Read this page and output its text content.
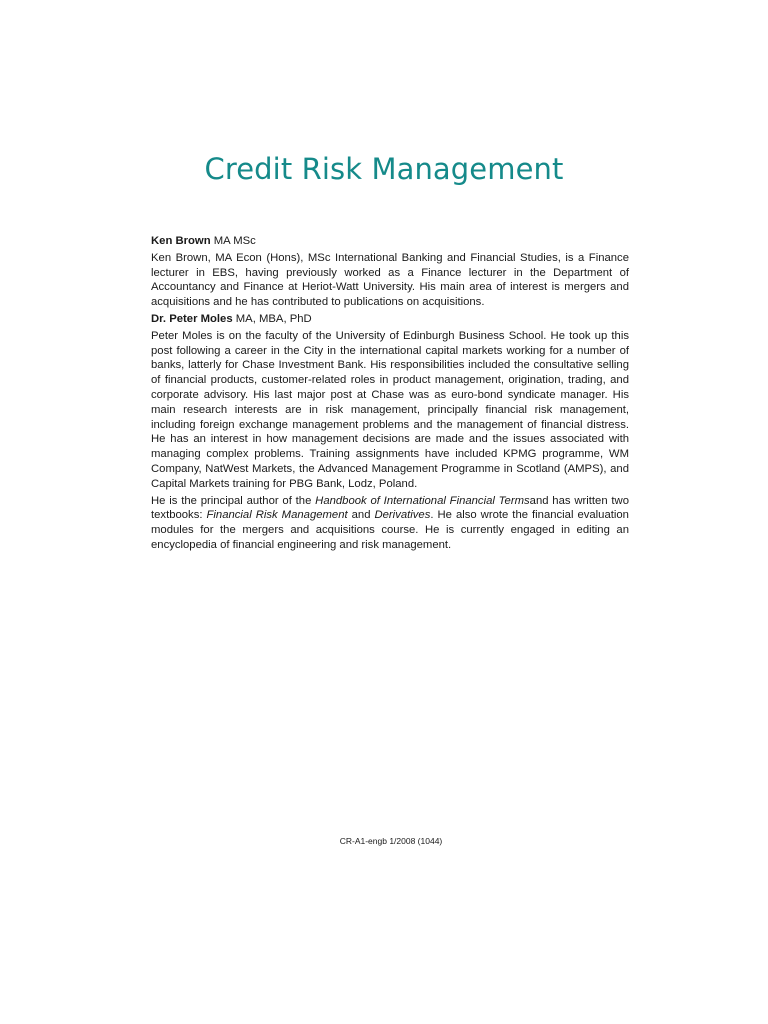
Credit Risk Management

Ken Brown MA MSc

Ken Brown, MA Econ (Hons), MSc International Banking and Financial Studies, is a Finance lecturer in EBS, having previously worked as a Finance lecturer in the Department of Accountancy and Finance at Heriot-Watt University. His main area of interest is mergers and acquisitions and he has contributed to publications on acquisitions.

Dr. Peter Moles MA, MBA, PhD

Peter Moles is on the faculty of the University of Edinburgh Business School. He took up this post following a career in the City in the international capital markets working for a number of banks, latterly for Chase Investment Bank. His responsibilities included the consultative selling of financial products, customer-related roles in product management, origination, trading, and corporate advisory. His last major post at Chase was as euro-bond syndicate manager. His main research interests are in risk management, principally financial risk management, including foreign exchange management problems and the management of financial distress. He has an interest in how management decisions are made and the issues associated with managing complex problems. Training assignments have included KPMG programme, WM Company, NatWest Markets, the Advanced Management Programme in Scotland (AMPS), and Capital Markets training for PBG Bank, Lodz, Poland.

He is the principal author of the Handbook of International Financial Termsand has written two textbooks: Financial Risk Management and Derivatives. He also wrote the financial evaluation modules for the mergers and acquisitions course. He is currently engaged in editing an encyclopedia of financial engineering and risk management.

CR-A1-engb 1/2008 (1044)
